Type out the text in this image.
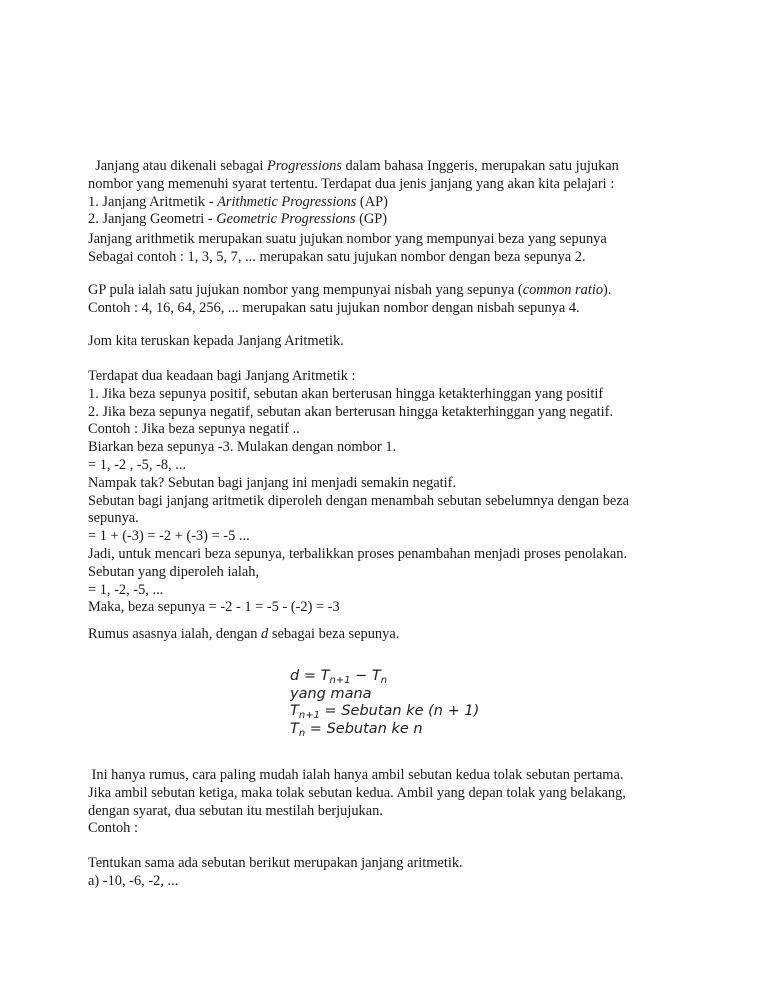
Janjang atau dikenali sebagai Progressions dalam bahasa Inggeris, merupakan satu jujukan
nombor yang memenuhi syarat tertentu. Terdapat dua jenis janjang yang akan kita pelajari :
1. Janjang Aritmetik - Arithmetic Progressions (AP)
2. Janjang Geometri - Geometric Progressions (GP)
Janjang arithmetik merupakan suatu jujukan nombor yang mempunyai beza yang sepunya
Sebagai contoh : 1, 3, 5, 7, ... merupakan satu jujukan nombor dengan beza sepunya 2.
GP pula ialah satu jujukan nombor yang mempunyai nisbah yang sepunya (common ratio).
Contoh : 4, 16, 64, 256, ... merupakan satu jujukan nombor dengan nisbah sepunya 4.
Jom kita teruskan kepada Janjang Aritmetik.
Terdapat dua keadaan bagi Janjang Aritmetik :
1. Jika beza sepunya positif, sebutan akan berterusan hingga ketakterhinggan yang positif
2. Jika beza sepunya negatif, sebutan akan berterusan hingga ketakterhinggan yang negatif.
Contoh : Jika beza sepunya negatif ..
Biarkan beza sepunya -3. Mulakan dengan nombor 1.
= 1, -2 , -5, -8, ...
Nampak tak? Sebutan bagi janjang ini menjadi semakin negatif.
Sebutan bagi janjang aritmetik diperoleh dengan menambah sebutan sebelumnya dengan beza
sepunya.
= 1 + (-3) = -2 + (-3) = -5 ...
Jadi, untuk mencari beza sepunya, terbalikkan proses penambahan menjadi proses penolakan.
Sebutan yang diperoleh ialah,
= 1, -2, -5, ...
Maka, beza sepunya = -2 - 1 = -5 - (-2) = -3
Rumus asasnya ialah, dengan d sebagai beza sepunya.
$d = T_{n+1} - T_n$
yang mana
$T_{n+1}$ = Sebutan ke (n + 1)
$T_n$ = Sebutan ke n
Ini hanya rumus, cara paling mudah ialah hanya ambil sebutan kedua tolak sebutan pertama.
Jika ambil sebutan ketiga, maka tolak sebutan kedua. Ambil yang depan tolak yang belakang,
dengan syarat, dua sebutan itu mestilah berjujukan.
Contoh :
Tentukan sama ada sebutan berikut merupakan janjang aritmetik.
a) -10, -6, -2, ...
